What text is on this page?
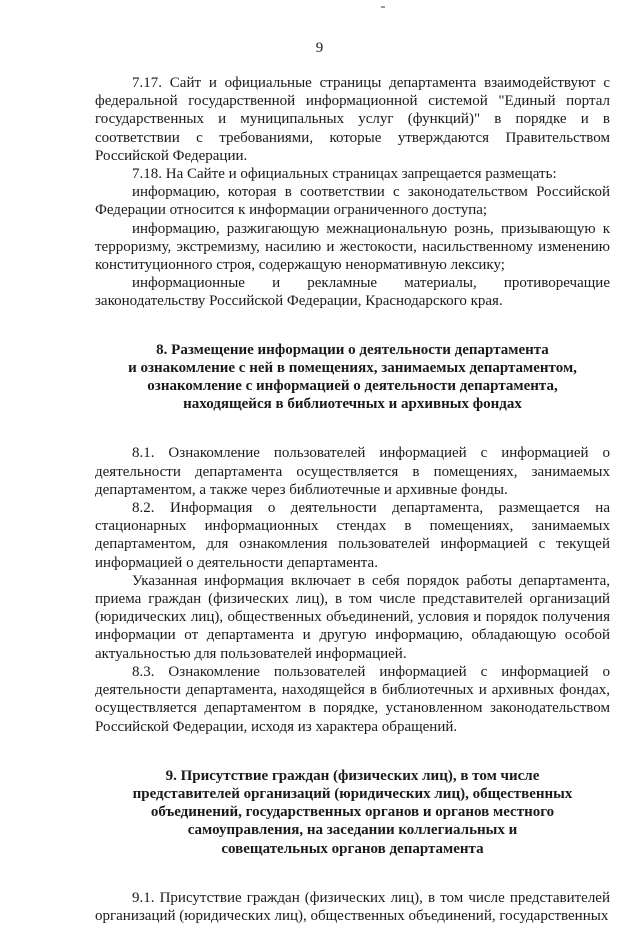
9

7.17. Сайт и официальные страницы департамента взаимодействуют с федеральной государственной информационной системой "Единый портал государственных и муниципальных услуг (функций)" в порядке и в соответствии с требованиями, которые утверждаются Правительством Российской Федерации.

7.18. На Сайте и официальных страницах запрещается размещать:

информацию, которая в соответствии с законодательством Российской Федерации относится к информации ограниченного доступа;

информацию, разжигающую межнациональную рознь, призывающую к терроризму, экстремизму, насилию и жестокости, насильственному изменению конституционного строя, содержащую ненормативную лексику;

информационные и рекламные материалы, противоречащие законодательству Российской Федерации, Краснодарского края.

8. Размещение информации о деятельности департамента
и ознакомление с ней в помещениях, занимаемых департаментом,
ознакомление с информацией о деятельности департамента,
находящейся в библиотечных и архивных фондах

8.1. Ознакомление пользователей информацией с информацией о деятельности департамента осуществляется в помещениях, занимаемых департаментом, а также через библиотечные и архивные фонды.

8.2. Информация о деятельности департамента, размещается на стационарных информационных стендах в помещениях, занимаемых департаментом, для ознакомления пользователей информацией с текущей информацией о деятельности департамента.

Указанная информация включает в себя порядок работы департамента, приема граждан (физических лиц), в том числе представителей организаций (юридических лиц), общественных объединений, условия и порядок получения информации от департамента и другую информацию, обладающую особой актуальностью для пользователей информацией.

8.3. Ознакомление пользователей информацией с информацией о деятельности департамента, находящейся в библиотечных и архивных фондах, осуществляется департаментом в порядке, установленном законодательством Российской Федерации, исходя из характера обращений.

9. Присутствие граждан (физических лиц), в том числе
представителей организаций (юридических лиц), общественных
объединений, государственных органов и органов местного
самоуправления, на заседании коллегиальных и
совещательных органов департамента

9.1. Присутствие граждан (физических лиц), в том числе представителей организаций (юридических лиц), общественных объединений, государственных
